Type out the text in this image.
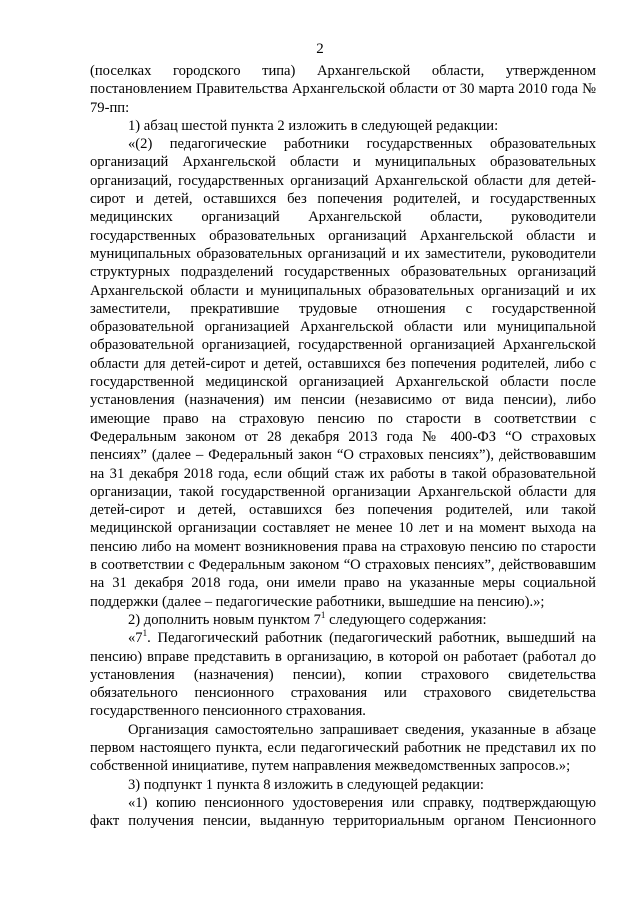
2

(поселках городского типа) Архангельской области, утвержденном постановлением Правительства Архангельской области от 30 марта 2010 года № 79-пп:

1) абзац шестой пункта 2 изложить в следующей редакции:

«(2) педагогические работники государственных образовательных организаций Архангельской области и муниципальных образовательных организаций, государственных организаций Архангельской области для детей-сирот и детей, оставшихся без попечения родителей, и государственных медицинских организаций Архангельской области, руководители государственных образовательных организаций Архангельской области и муниципальных образовательных организаций и их заместители, руководители структурных подразделений государственных образовательных организаций Архангельской области и муниципальных образовательных организаций и их заместители, прекратившие трудовые отношения с государственной образовательной организацией Архангельской области или муниципальной образовательной организацией, государственной организацией Архангельской области для детей-сирот и детей, оставшихся без попечения родителей, либо с государственной медицинской организацией Архангельской области после установления (назначения) им пенсии (независимо от вида пенсии), либо имеющие право на страховую пенсию по старости в соответствии с Федеральным законом от 28 декабря 2013 года № 400-ФЗ “О страховых пенсиях” (далее – Федеральный закон “О страховых пенсиях”), действовавшим на 31 декабря 2018 года, если общий стаж их работы в такой образовательной организации, такой государственной организации Архангельской области для детей-сирот и детей, оставшихся без попечения родителей, или такой медицинской организации составляет не менее 10 лет и на момент выхода на пенсию либо на момент возникновения права на страховую пенсию по старости в соответствии с Федеральным законом “О страховых пенсиях”, действовавшим на 31 декабря 2018 года, они имели право на указанные меры социальной поддержки (далее – педагогические работники, вышедшие на пенсию).»;

2) дополнить новым пунктом $7^1$ следующего содержания:

«$7^1$. Педагогический работник (педагогический работник, вышедший на пенсию) вправе представить в организацию, в которой он работает (работал до установления (назначения) пенсии), копии страхового свидетельства обязательного пенсионного страхования или страхового свидетельства государственного пенсионного страхования.

Организация самостоятельно запрашивает сведения, указанные в абзаце первом настоящего пункта, если педагогический работник не представил их по собственной инициативе, путем направления межведомственных запросов.»;

3) подпункт 1 пункта 8 изложить в следующей редакции:

«1) копию пенсионного удостоверения или справку, подтверждающую факт получения пенсии, выданную территориальным органом Пенсионного
